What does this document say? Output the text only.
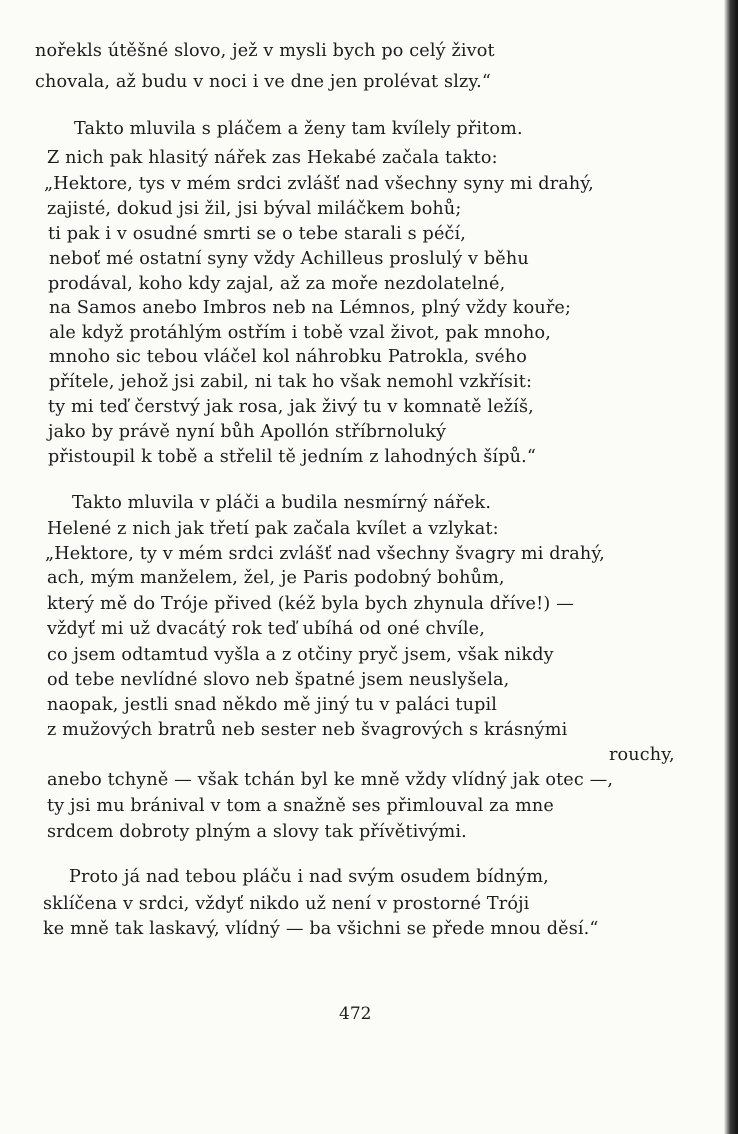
nořekls útěšné slovo, jež v mysli bych po celý život
chovala, až budu v noci i ve dne jen prolévat slzy.“
Takto mluvila s pláčem a ženy tam kvílely přitom.
Z nich pak hlasitý nářek zas Hekabé začala takto:
„Hektore, tys v mém srdci zvlášť nad všechny syny mi drahý,
zajisté, dokud jsi žil, jsi býval miláčkem bohů;
ti pak i v osudné smrti se o tebe starali s péčí,
neboť mé ostatní syny vždy Achilleus proslulý v běhu
prodával, koho kdy zajal, až za moře nezdolatelné,
na Samos anebo Imbros neb na Lémnos, plný vždy kouře;
ale když protáhlým ostřím i tobě vzal život, pak mnoho,
mnoho sic tebou vláčel kol náhrobku Patrokla, svého
přítele, jehož jsi zabil, ni tak ho však nemohl vzkřísit:
ty mi teď čerstvý jak rosa, jak živý tu v komnatě ležíš,
jako by právě nyní bůh Apollón stříbrnoluký
přistoupil k tobě a střelil tě jedním z lahodných šípů.“
Takto mluvila v pláči a budila nesmírný nářek.
Helené z nich jak třetí pak začala kvílet a vzlykat:
„Hektore, ty v mém srdci zvlášť nad všechny švagry mi drahý,
ach, mým manželem, žel, je Paris podobný bohům,
který mě do Tróje přived (kéž byla bych zhynula dříve!) —
vždyť mi už dvacátý rok teď ubíhá od oné chvíle,
co jsem odtamtud vyšla a z otčiny pryč jsem, však nikdy
od tebe nevlídné slovo neb špatné jsem neuslyšela,
naopak, jestli snad někdo mě jiný tu v paláci tupil
z mužových bratrů neb sester neb švagrových s krásnými
rouchy,
anebo tchyně — však tchán byl ke mně vždy vlídný jak otec —,
ty jsi mu bránival v tom a snažně ses přimlouval za mne
srdcem dobroty plným a slovy tak přívětivými.
Proto já nad tebou pláču i nad svým osudem bídným,
sklíčena v srdci, vždyť nikdo už není v prostorné Tróji
ke mně tak laskavý, vlídný — ba všichni se přede mnou děsí.“
472
